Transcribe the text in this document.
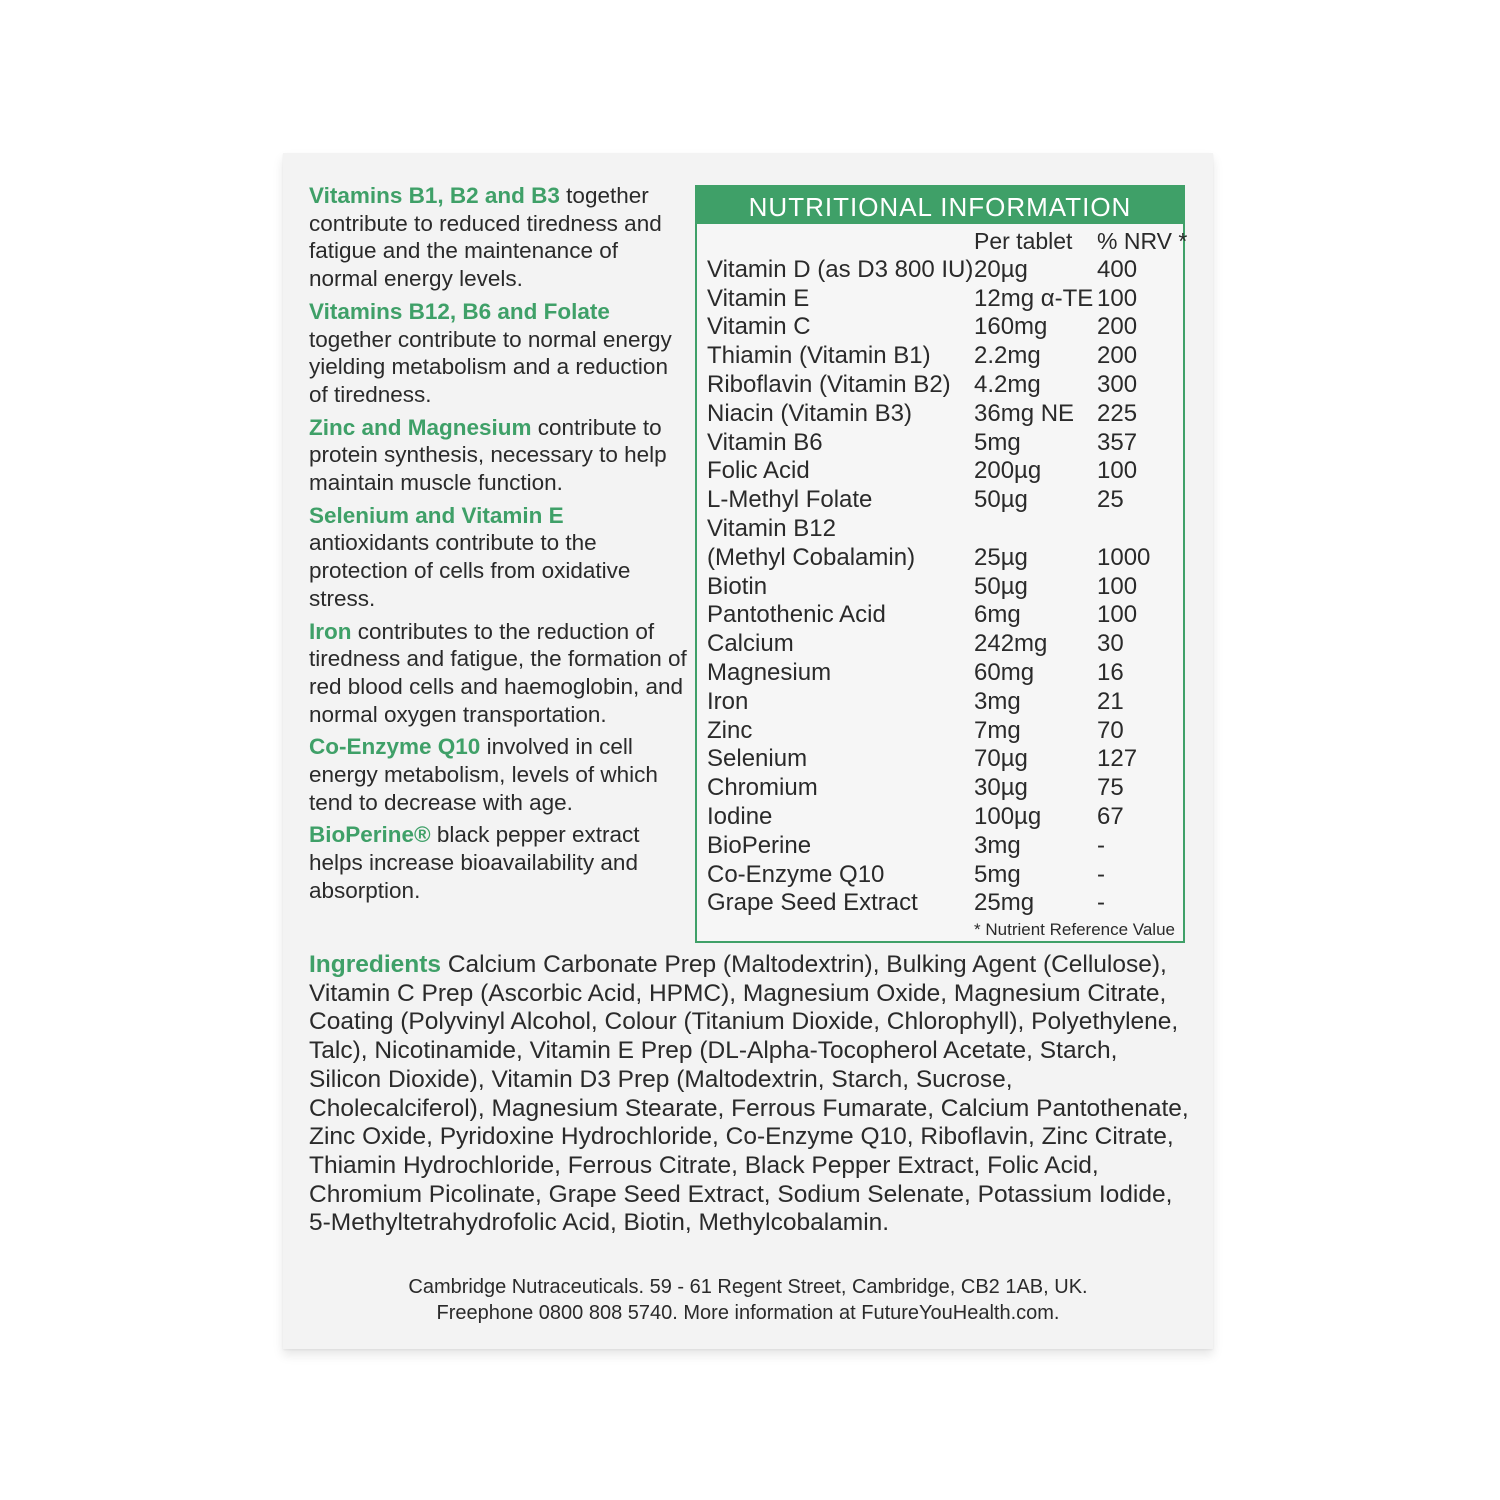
Vitamins B1, B2 and B3 together contribute to reduced tiredness and fatigue and the maintenance of normal energy levels.

Vitamins B12, B6 and Folate together contribute to normal energy yielding metabolism and a reduction of tiredness.

Zinc and Magnesium contribute to protein synthesis, necessary to help maintain muscle function.

Selenium and Vitamin E antioxidants contribute to the protection of cells from oxidative stress.

Iron contributes to the reduction of tiredness and fatigue, the formation of red blood cells and haemoglobin, and normal oxygen transportation.

Co-Enzyme Q10 involved in cell energy metabolism, levels of which tend to decrease with age.

BioPerine® black pepper extract helps increase bioavailability and absorption.

NUTRITIONAL INFORMATION
Per tablet % NRV *
Vitamin D (as D3 800 IU) 20µg	400
Vitamin E	12mg α-TE 100
Vitamin C	160mg 200
Thiamin (Vitamin B1) 2.2mg 200
Riboflavin (Vitamin B2) 4.2mg 300
Niacin (Vitamin B3)	36mg NE 225
Vitamin B6	5mg	357
Folic Acid	200µg 100
L-Methyl Folate	50µg	25
Vitamin B12
(Methyl Cobalamin) 25µg	1000
Biotin	50µg	100
Pantothenic Acid	6mg	100
Calcium	242mg 30
Magnesium	60mg	16
Iron	3mg	21
Zinc	7mg	70
Selenium	70µg	127
Chromium	30µg	75
Iodine	100µg 67
BioPerine	3mg	-
Co-Enzyme Q10	5mg	-
Grape Seed Extract 25mg	-
* Nutrient Reference Value
Ingredients Calcium Carbonate Prep (Maltodextrin), Bulking Agent (Cellulose), Vitamin C Prep (Ascorbic Acid, HPMC), Magnesium Oxide, Magnesium Citrate, Coating (Polyvinyl Alcohol, Colour (Titanium Dioxide, Chlorophyll), Polyethylene, Talc), Nicotinamide, Vitamin E Prep (DL-Alpha-Tocopherol Acetate, Starch, Silicon Dioxide), Vitamin D3 Prep (Maltodextrin, Starch, Sucrose, Cholecalciferol), Magnesium Stearate, Ferrous Fumarate, Calcium Pantothenate, Zinc Oxide, Pyridoxine Hydrochloride, Co-Enzyme Q10, Riboflavin, Zinc Citrate, Thiamin Hydrochloride, Ferrous Citrate, Black Pepper Extract, Folic Acid, Chromium Picolinate, Grape Seed Extract, Sodium Selenate, Potassium Iodide, 5-Methyltetrahydrofolic Acid, Biotin, Methylcobalamin.
Cambridge Nutraceuticals. 59 - 61 Regent Street, Cambridge, CB2 1AB, UK.
Freephone 0800 808 5740. More information at FutureYouHealth.com.
